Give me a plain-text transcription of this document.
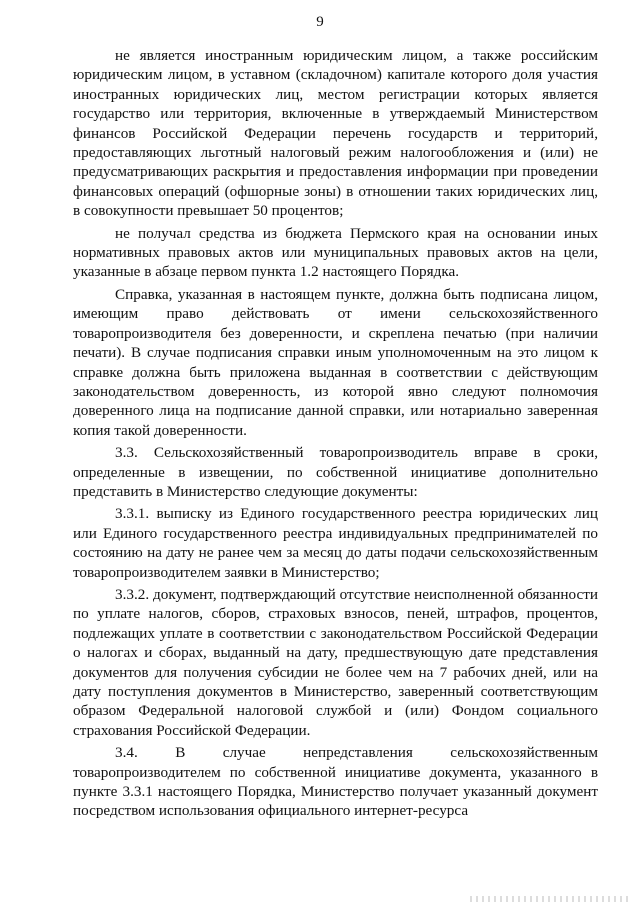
9

не является иностранным юридическим лицом, а также российским юридическим лицом, в уставном (складочном) капитале которого доля участия иностранных юридических лиц, местом регистрации которых является государство или территория, включенные в утверждаемый Министерством финансов Российской Федерации перечень государств и территорий, предоставляющих льготный налоговый режим налогообложения и (или) не предусматривающих раскрытия и предоставления информации при проведении финансовых операций (офшорные зоны) в отношении таких юридических лиц, в совокупности превышает 50 процентов;

не получал средства из бюджета Пермского края на основании иных нормативных правовых актов или муниципальных правовых актов на цели, указанные в абзаце первом пункта 1.2 настоящего Порядка.

Справка, указанная в настоящем пункте, должна быть подписана лицом, имеющим право действовать от имени сельскохозяйственного товаропроизводителя без доверенности, и скреплена печатью (при наличии печати). В случае подписания справки иным уполномоченным на это лицом к справке должна быть приложена выданная в соответствии с действующим законодательством доверенность, из которой явно следуют полномочия доверенного лица на подписание данной справки, или нотариально заверенная копия такой доверенности.

3.3. Сельскохозяйственный товаропроизводитель вправе в сроки, определенные в извещении, по собственной инициативе дополнительно представить в Министерство следующие документы:

3.3.1. выписку из Единого государственного реестра юридических лиц или Единого государственного реестра индивидуальных предпринимателей по состоянию на дату не ранее чем за месяц до даты подачи сельскохозяйственным товаропроизводителем заявки в Министерство;

3.3.2. документ, подтверждающий отсутствие неисполненной обязанности по уплате налогов, сборов, страховых взносов, пеней, штрафов, процентов, подлежащих уплате в соответствии с законодательством Российской Федерации о налогах и сборах, выданный на дату, предшествующую дате представления документов для получения субсидии не более чем на 7 рабочих дней, или на дату поступления документов в Министерство, заверенный соответствующим образом Федеральной налоговой службой и (или) Фондом социального страхования Российской Федерации.

3.4. В случае непредставления сельскохозяйственным товаропроизводителем по собственной инициативе документа, указанного в пункте 3.3.1 настоящего Порядка, Министерство получает указанный документ посредством использования официального интернет-ресурса
